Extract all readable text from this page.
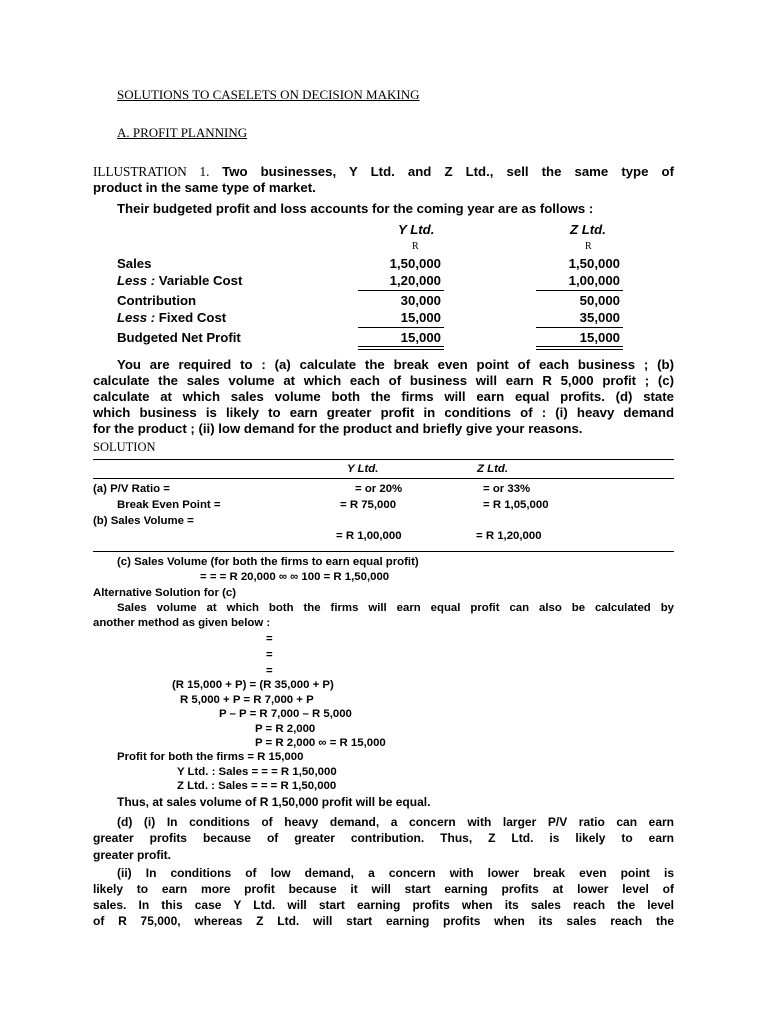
SOLUTIONS TO CASELETS ON DECISION MAKING
A. PROFIT PLANNING
ILLUSTRATION 1. Two businesses, Y Ltd. and Z Ltd., sell the same type of
product in the same type of market.
Their budgeted profit and loss accounts for the coming year are as follows :
Y Ltd.	Z Ltd.
R	R
Sales	1,50,000	1,50,000
Less : Variable Cost	1,20,000	1,00,000
Contribution	30,000	50,000
Less : Fixed Cost	15,000	35,000
Budgeted Net Profit	15,000	15,000
You are required to : (a) calculate the break even point of each business ; (b)
calculate the sales volume at which each of business will earn R 5,000 profit ; (c)
calculate at which sales volume both the firms will earn equal profits. (d) state
which business is likely to earn greater profit in conditions of : (i) heavy demand
for the product ; (ii) low demand for the product and briefly give your reasons.
SOLUTION
Y Ltd.	Z Ltd.
(a) P/V Ratio =	= or 20%	= or 33%
Break Even Point =	= R 75,000	= R 1,05,000
(b) Sales Volume =
= R 1,00,000	= R 1,20,000
(c) Sales Volume (for both the firms to earn equal profit)
= = = R 20,000 ∞ ∞ 100 = R 1,50,000
Alternative Solution for (c)
Sales volume at which both the firms will earn equal profit can also be calculated by
another method as given below :
=
=
=
(R 15,000 + P) = (R 35,000 + P)
R 5,000 + P = R 7,000 + P
P – P = R 7,000 – R 5,000
P = R 2,000
P = R 2,000 ∞ = R 15,000
Profit for both the firms = R 15,000
Y Ltd. : Sales = = = R 1,50,000
Z Ltd. : Sales = = = R 1,50,000
Thus, at sales volume of R 1,50,000 profit will be equal.
(d) (i) In conditions of heavy demand, a concern with larger P/V ratio can earn
greater profits because of greater contribution. Thus, Z Ltd. is likely to earn
greater profit.
(ii) In conditions of low demand, a concern with lower break even point is
likely to earn more profit because it will start earning profits at lower level of
sales. In this case Y Ltd. will start earning profits when its sales reach the level
of R 75,000, whereas Z Ltd. will start earning profits when its sales reach the
